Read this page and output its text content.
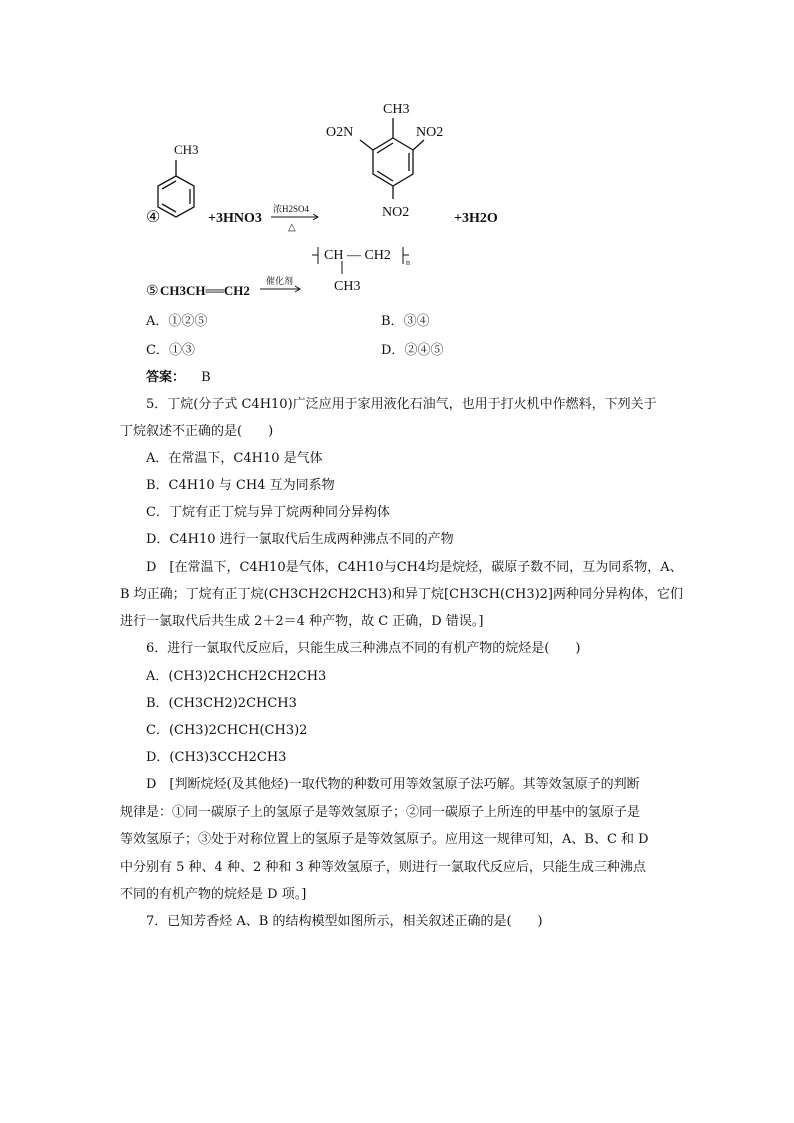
④
CH3
+3HNO3
浓H2SO4
△
CH3
O2N	NO2
NO2	+3H2O
⑤ CH3CH══CH2
催化剂
CH — CH2 n
CH3
A．①②⑤	B．③④
C．①③	D．②④⑤
答案： B
5．丁烷(分子式 C4H10)广泛应用于家用液化石油气，也用于打火机中作燃料，下列关于
丁烷叙述不正确的是(　　)
A．在常温下，C4H10 是气体
B．C4H10 与 CH4 互为同系物
C．丁烷有正丁烷与异丁烷两种同分异构体
D．C4H10 进行一氯取代后生成两种沸点不同的产物
D　[在常温下，C4H10是气体，C4H10与CH4均是烷烃，碳原子数不同，互为同系物，A、
B 均正确；丁烷有正丁烷(CH3CH2CH2CH3)和异丁烷[CH3CH(CH3)2]两种同分异构体，它们
进行一氯取代后共生成 2＋2＝4 种产物，故 C 正确，D 错误。]
6．进行一氯取代反应后，只能生成三种沸点不同的有机产物的烷烃是(　　)
A．(CH3)2CHCH2CH2CH3
B．(CH3CH2)2CHCH3
C．(CH3)2CHCH(CH3)2
D．(CH3)3CCH2CH3
D　[判断烷烃(及其他烃)一取代物的种数可用等效氢原子法巧解。其等效氢原子的判断
规律是：①同一碳原子上的氢原子是等效氢原子；②同一碳原子上所连的甲基中的氢原子是
等效氢原子；③处于对称位置上的氢原子是等效氢原子。应用这一规律可知，A、B、C 和 D
中分别有 5 种、4 种、2 种和 3 种等效氢原子，则进行一氯取代反应后，只能生成三种沸点
不同的有机产物的烷烃是 D 项。]
7．已知芳香烃 A、B 的结构模型如图所示，相关叙述正确的是(　　)
